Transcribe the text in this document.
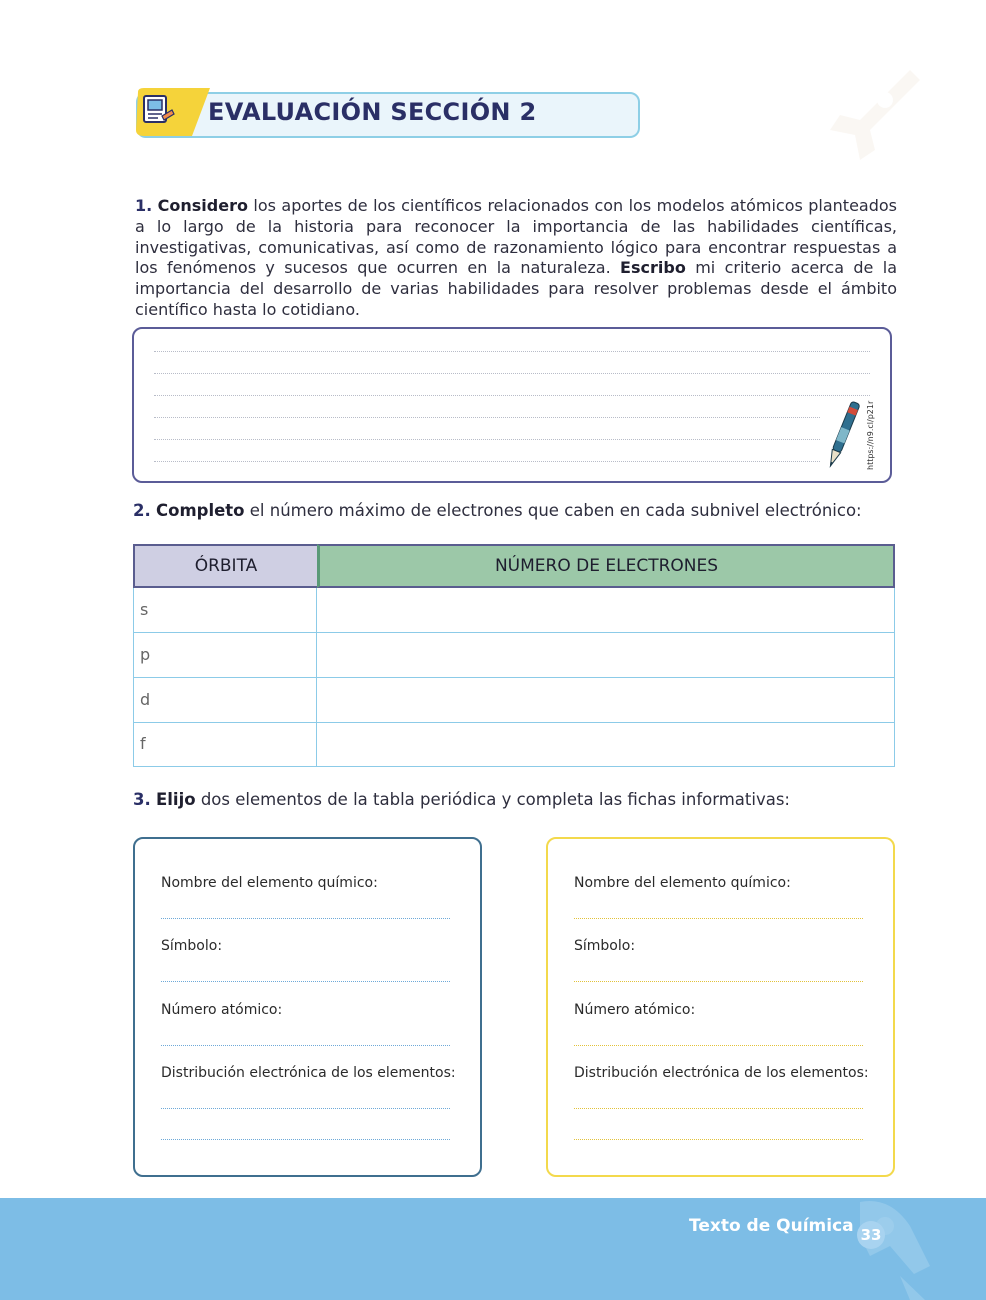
EVALUACIÓN SECCIÓN 2
1. Considero los aportes de los científicos relacionados con los modelos atómicos planteados a lo largo de la historia para reconocer la importancia de las habilidades científicas, investigativas, comunicativas, así como de razonamiento lógico para encontrar respuestas a los fenómenos y sucesos que ocurren en la naturaleza. Escribo mi criterio acerca de la importancia del desarrollo de varias habilidades para resolver problemas desde el ámbito científico hasta lo cotidiano.
https://n9.cl/p21r
2. Completo el número máximo de electrones que caben en cada subnivel electrónico:
ÓRBITA	NÚMERO DE ELECTRONES
s
p
d
f
3. Elijo dos elementos de la tabla periódica y completa las fichas informativas:
Nombre del elemento químico:
Símbolo:
Número atómico:
Distribución electrónica de los elementos:
Nombre del elemento químico:
Símbolo:
Número atómico:
Distribución electrónica de los elementos:
Texto de Química 33
